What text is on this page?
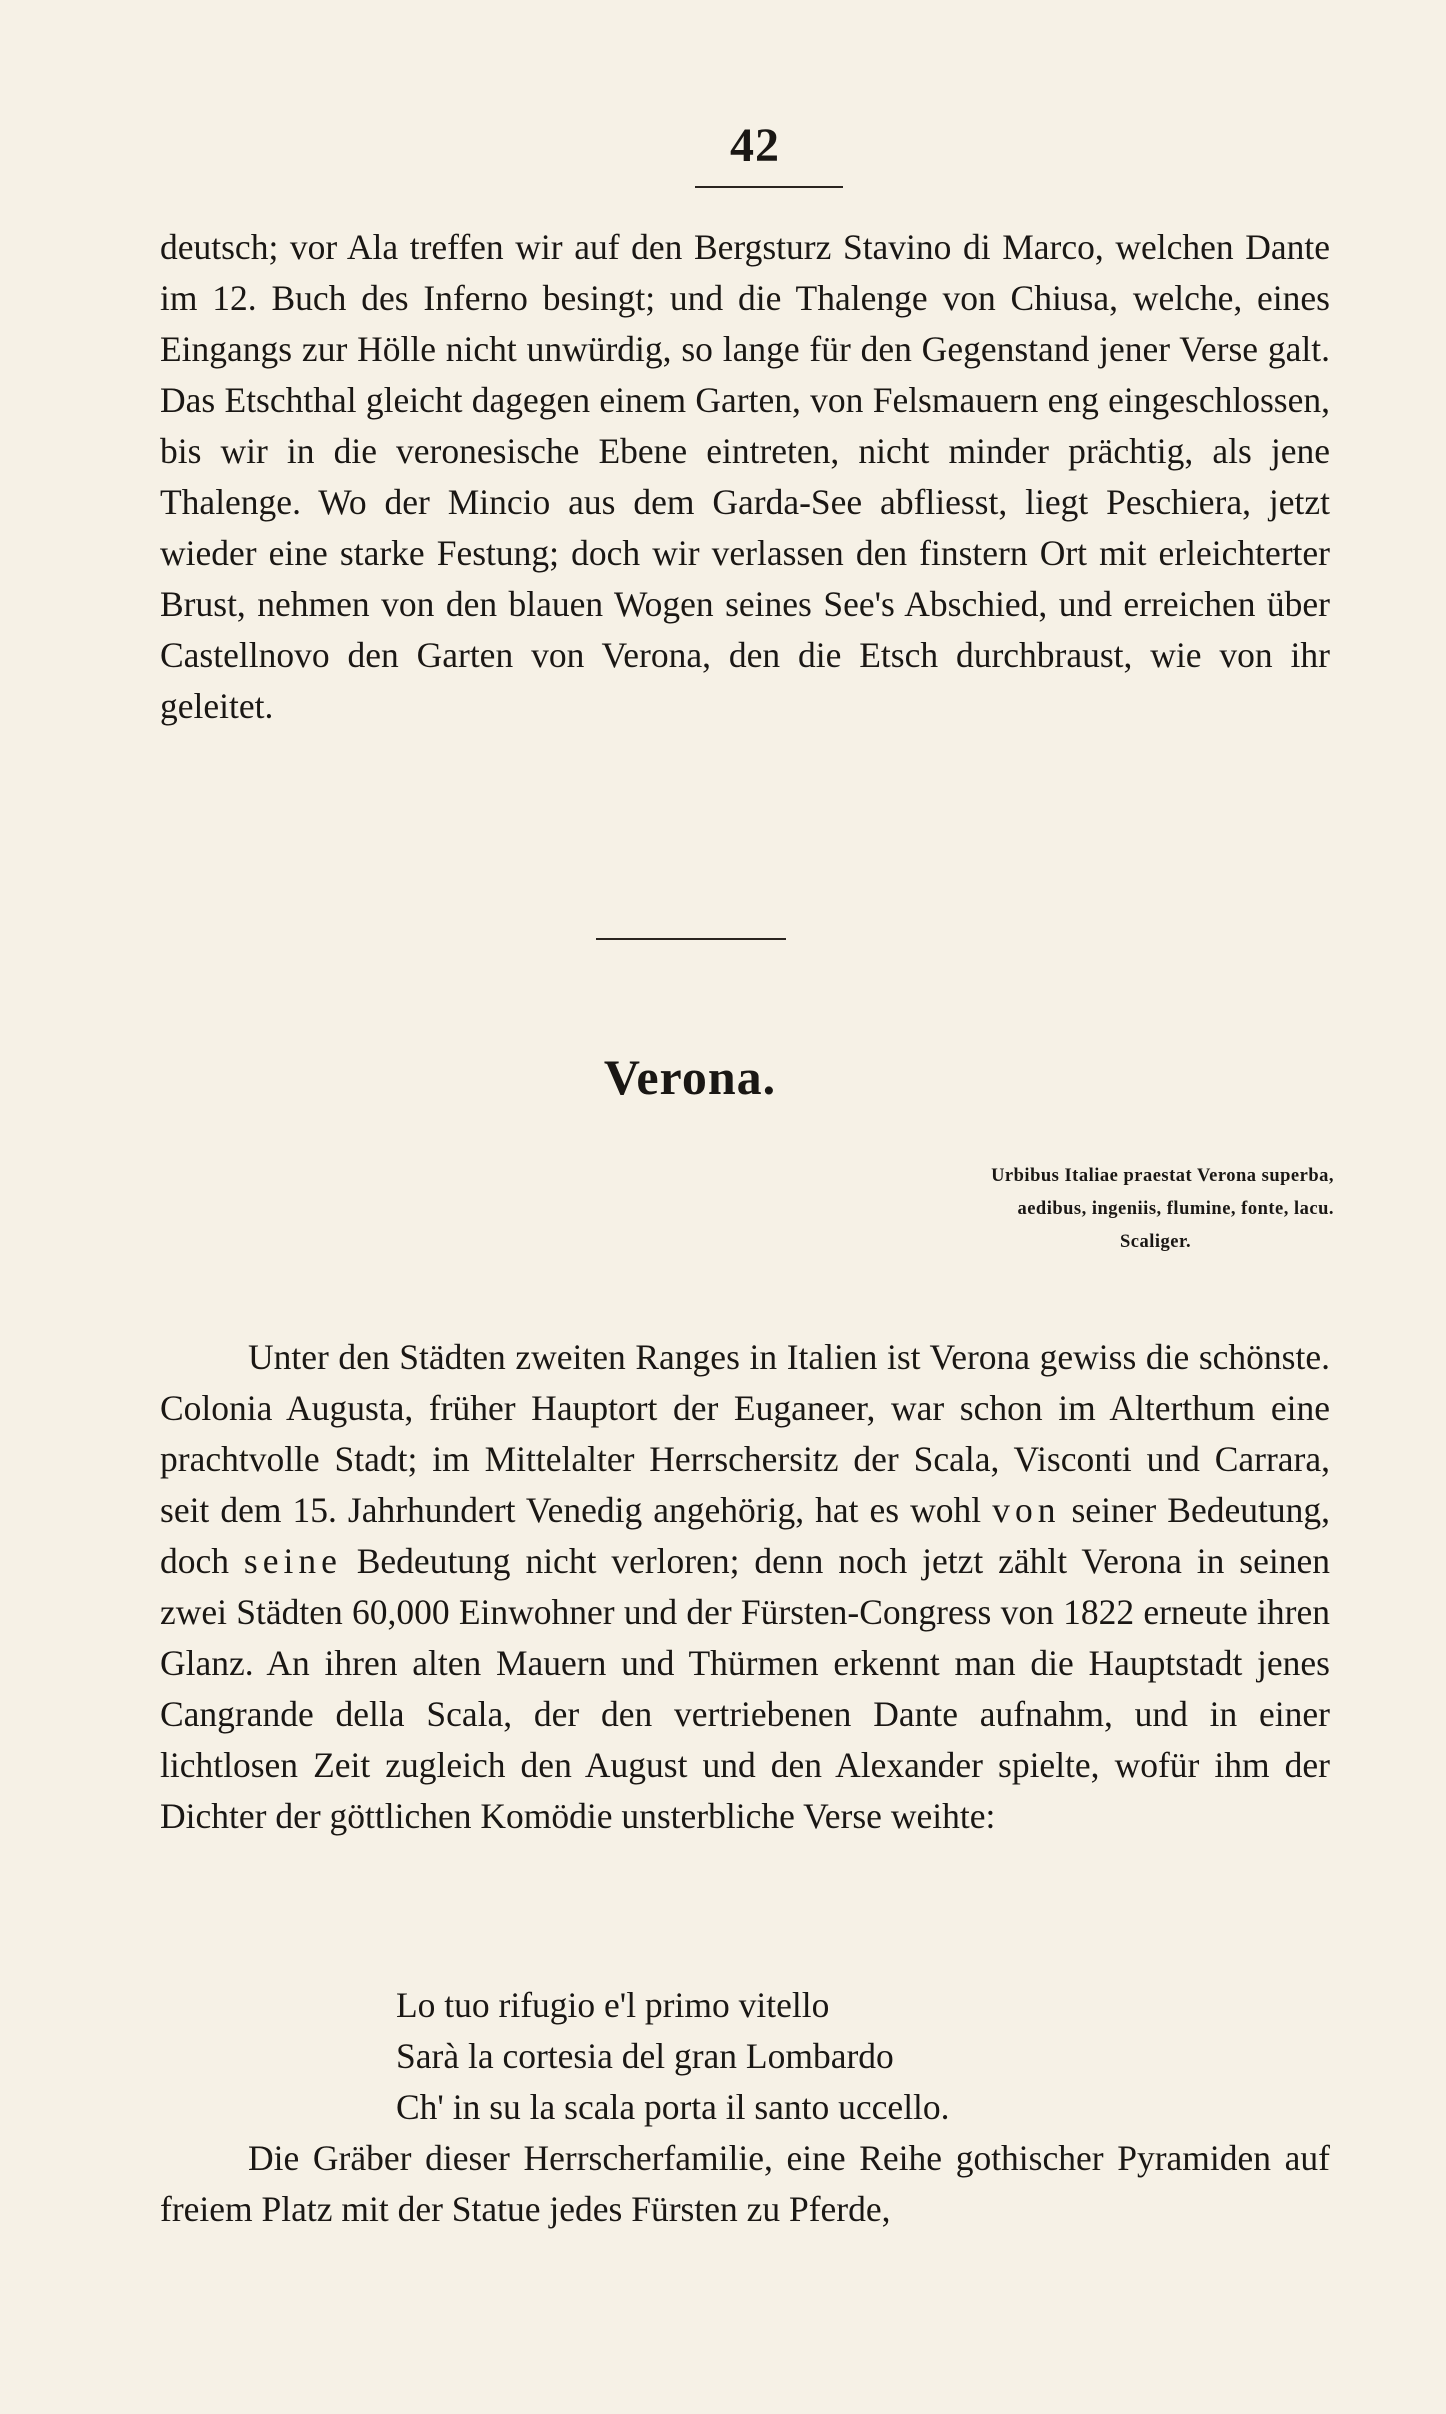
42

deutsch; vor Ala treffen wir auf den Bergsturz Stavino di Marco, welchen Dante im 12. Buch des Inferno besingt; und die Thalenge von Chiusa, welche, eines Eingangs zur Hölle nicht unwürdig, so lange für den Gegenstand jener Verse galt. Das Etschthal gleicht dagegen einem Garten, von Felsmauern eng eingeschlossen, bis wir in die veronesische Ebene eintreten, nicht minder prächtig, als jene Thalenge. Wo der Mincio aus dem Garda-See abfliesst, liegt Peschiera, jetzt wieder eine starke Festung; doch wir verlassen den finstern Ort mit erleichterter Brust, nehmen von den blauen Wogen seines See's Abschied, und erreichen über Castellnovo den Garten von Verona, den die Etsch durchbraust, wie von ihr geleitet.

Verona.
Urbibus Italiae praestat Verona superba,
aedibus, ingeniis, flumine, fonte, lacu.
Scaliger.

Unter den Städten zweiten Ranges in Italien ist Verona gewiss die schönste. Colonia Augusta, früher Hauptort der Euganeer, war schon im Alterthum eine prachtvolle Stadt; im Mittelalter Herrschersitz der Scala, Visconti und Carrara, seit dem 15. Jahrhundert Venedig angehörig, hat es wohl von seiner Bedeutung, doch seine Bedeutung nicht verloren; denn noch jetzt zählt Verona in seinen zwei Städten 60,000 Einwohner und der Fürsten-Congress von 1822 erneute ihren Glanz. An ihren alten Mauern und Thürmen erkennt man die Hauptstadt jenes Cangrande della Scala, der den vertriebenen Dante aufnahm, und in einer lichtlosen Zeit zugleich den August und den Alexander spielte, wofür ihm der Dichter der göttlichen Komödie unsterbliche Verse weihte:

Lo tuo rifugio e'l primo vitello
Sarà la cortesia del gran Lombardo
Ch' in su la scala porta il santo uccello.

Die Gräber dieser Herrscherfamilie, eine Reihe gothischer Pyramiden auf freiem Platz mit der Statue jedes Fürsten zu Pferde,
